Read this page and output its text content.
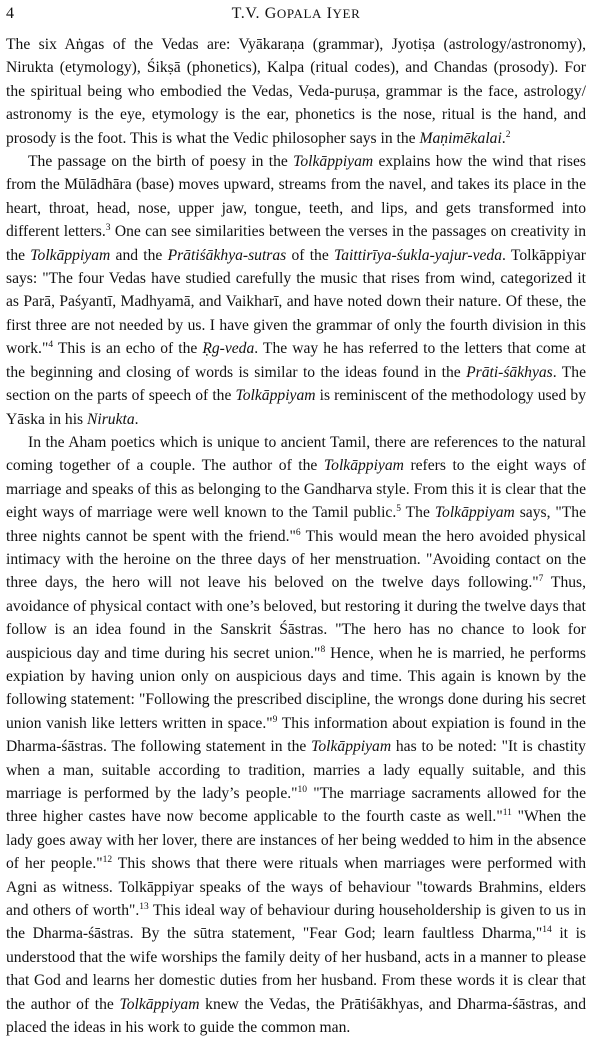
4	T.V. GOPALA IYER

The six Aṅgas of the Vedas are: Vyākaraṇa (grammar), Jyotiṣa (astrology/astronomy), Nirukta (etymology), Śikṣā (phonetics), Kalpa (ritual codes), and Chandas (prosody). For the spiritual being who embodied the Vedas, Veda-puruṣa, grammar is the face, astrology/ astronomy is the eye, etymology is the ear, phonetics is the nose, ritual is the hand, and prosody is the foot. This is what the Vedic philosopher says in the Maṇimēkalai.$^2$

The passage on the birth of poesy in the Tolkāppiyam explains how the wind that rises from the Mūlādhāra (base) moves upward, streams from the navel, and takes its place in the heart, throat, head, nose, upper jaw, tongue, teeth, and lips, and gets transformed into different letters.$^3$ One can see similarities between the verses in the passages on creativity in the Tolkāppiyam and the Prātiśākhya-sutras of the Taittirīya-śukla-yajur-veda. Tolkāppiyar says: "The four Vedas have studied carefully the music that rises from wind, categorized it as Parā, Paśyantī, Madhyamā, and Vaikharī, and have noted down their nature. Of these, the first three are not needed by us. I have given the grammar of only the fourth division in this work."$^4$ This is an echo of the Ṛg-veda. The way he has referred to the letters that come at the beginning and closing of words is similar to the ideas found in the Prāti-śākhyas. The section on the parts of speech of the Tolkāppiyam is reminiscent of the methodology used by Yāska in his Nirukta.

In the Aham poetics which is unique to ancient Tamil, there are references to the natural coming together of a couple. The author of the Tolkāppiyam refers to the eight ways of marriage and speaks of this as belonging to the Gandharva style. From this it is clear that the eight ways of marriage were well known to the Tamil public.$^5$ The Tolkāppiyam says, "The three nights cannot be spent with the friend."$^6$ This would mean the hero avoided physical intimacy with the heroine on the three days of her menstruation. "Avoiding contact on the three days, the hero will not leave his beloved on the twelve days following."$^7$ Thus, avoidance of physical contact with one’s beloved, but restoring it during the twelve days that follow is an idea found in the Sanskrit Śāstras. "The hero has no chance to look for auspicious day and time during his secret union."$^8$ Hence, when he is married, he performs expiation by having union only on auspicious days and time. This again is known by the following statement: "Following the prescribed discipline, the wrongs done during his secret union vanish like letters written in space."$^9$ This information about expiation is found in the Dharma-śāstras. The following statement in the Tolkāppiyam has to be noted: "It is chastity when a man, suitable according to tradition, marries a lady equally suitable, and this marriage is performed by the lady’s people."$^{10}$ "The marriage sacraments allowed for the three higher castes have now become applicable to the fourth caste as well."$^{11}$ "When the lady goes away with her lover, there are instances of her being wedded to him in the absence of her people."$^{12}$ This shows that there were rituals when marriages were performed with Agni as witness. Tolkāppiyar speaks of the ways of behaviour "towards Brahmins, elders and others of worth".$^{13}$ This ideal way of behaviour during householdership is given to us in the Dharma-śāstras. By the sūtra statement, "Fear God; learn faultless Dharma,"$^{14}$ it is understood that the wife worships the family deity of her husband, acts in a manner to please that God and learns her domestic duties from her husband. From these words it is clear that the author of the Tolkāppiyam knew the Vedas, the Prātiśākhyas, and Dharma-śāstras, and placed the ideas in his work to guide the common man.
